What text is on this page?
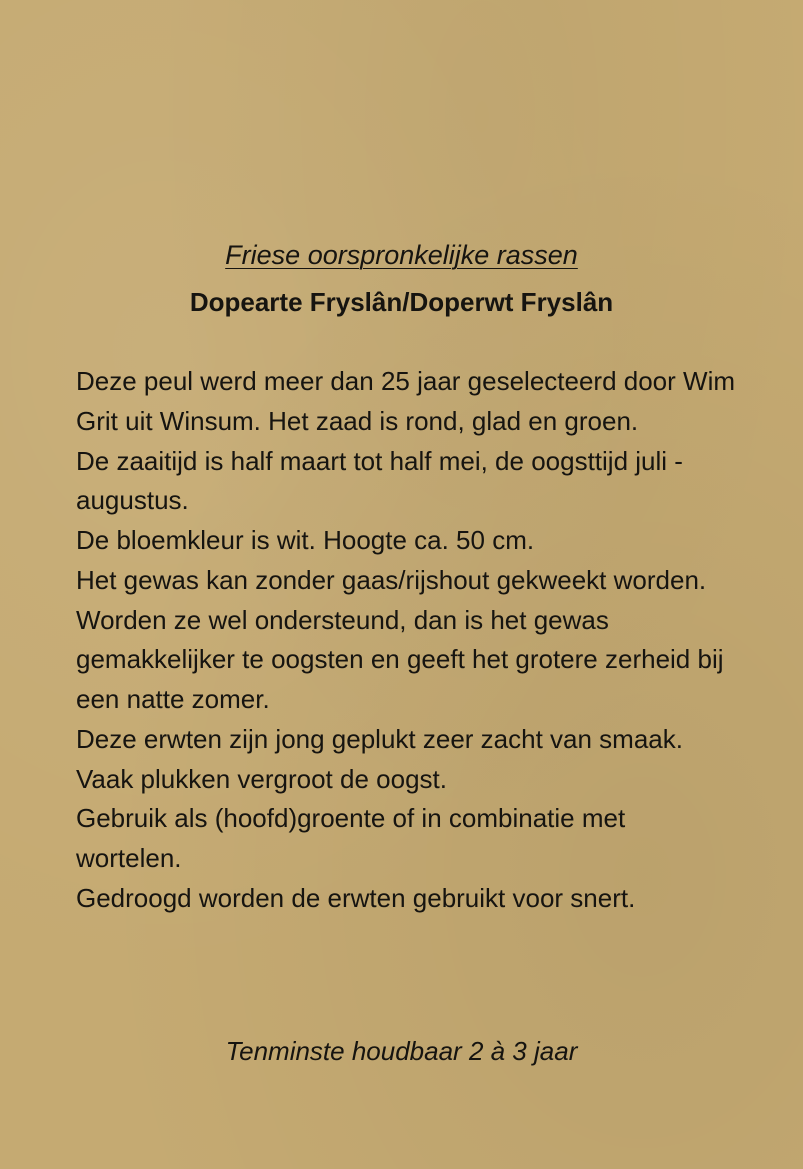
Friese oorspronkelijke rassen
Dopearte Fryslân/Doperwt Fryslân
Deze peul werd meer dan 25 jaar geselecteerd door Wim Grit uit Winsum. Het zaad is rond, glad en groen.
De zaaitijd is half maart tot half mei, de oogsttijd juli - augustus.
De bloemkleur is wit. Hoogte ca. 50 cm.
Het gewas kan zonder gaas/rijshout gekweekt worden. Worden ze wel ondersteund, dan is het gewas gemakkelijker te oogsten en geeft het grotere zerheid bij een natte zomer.
Deze erwten zijn jong geplukt zeer zacht van smaak. Vaak plukken vergroot de oogst.
Gebruik als (hoofd)groente of in combinatie met wortelen.
Gedroogd worden de erwten gebruikt voor snert.

Tenminste houdbaar 2 à 3 jaar
